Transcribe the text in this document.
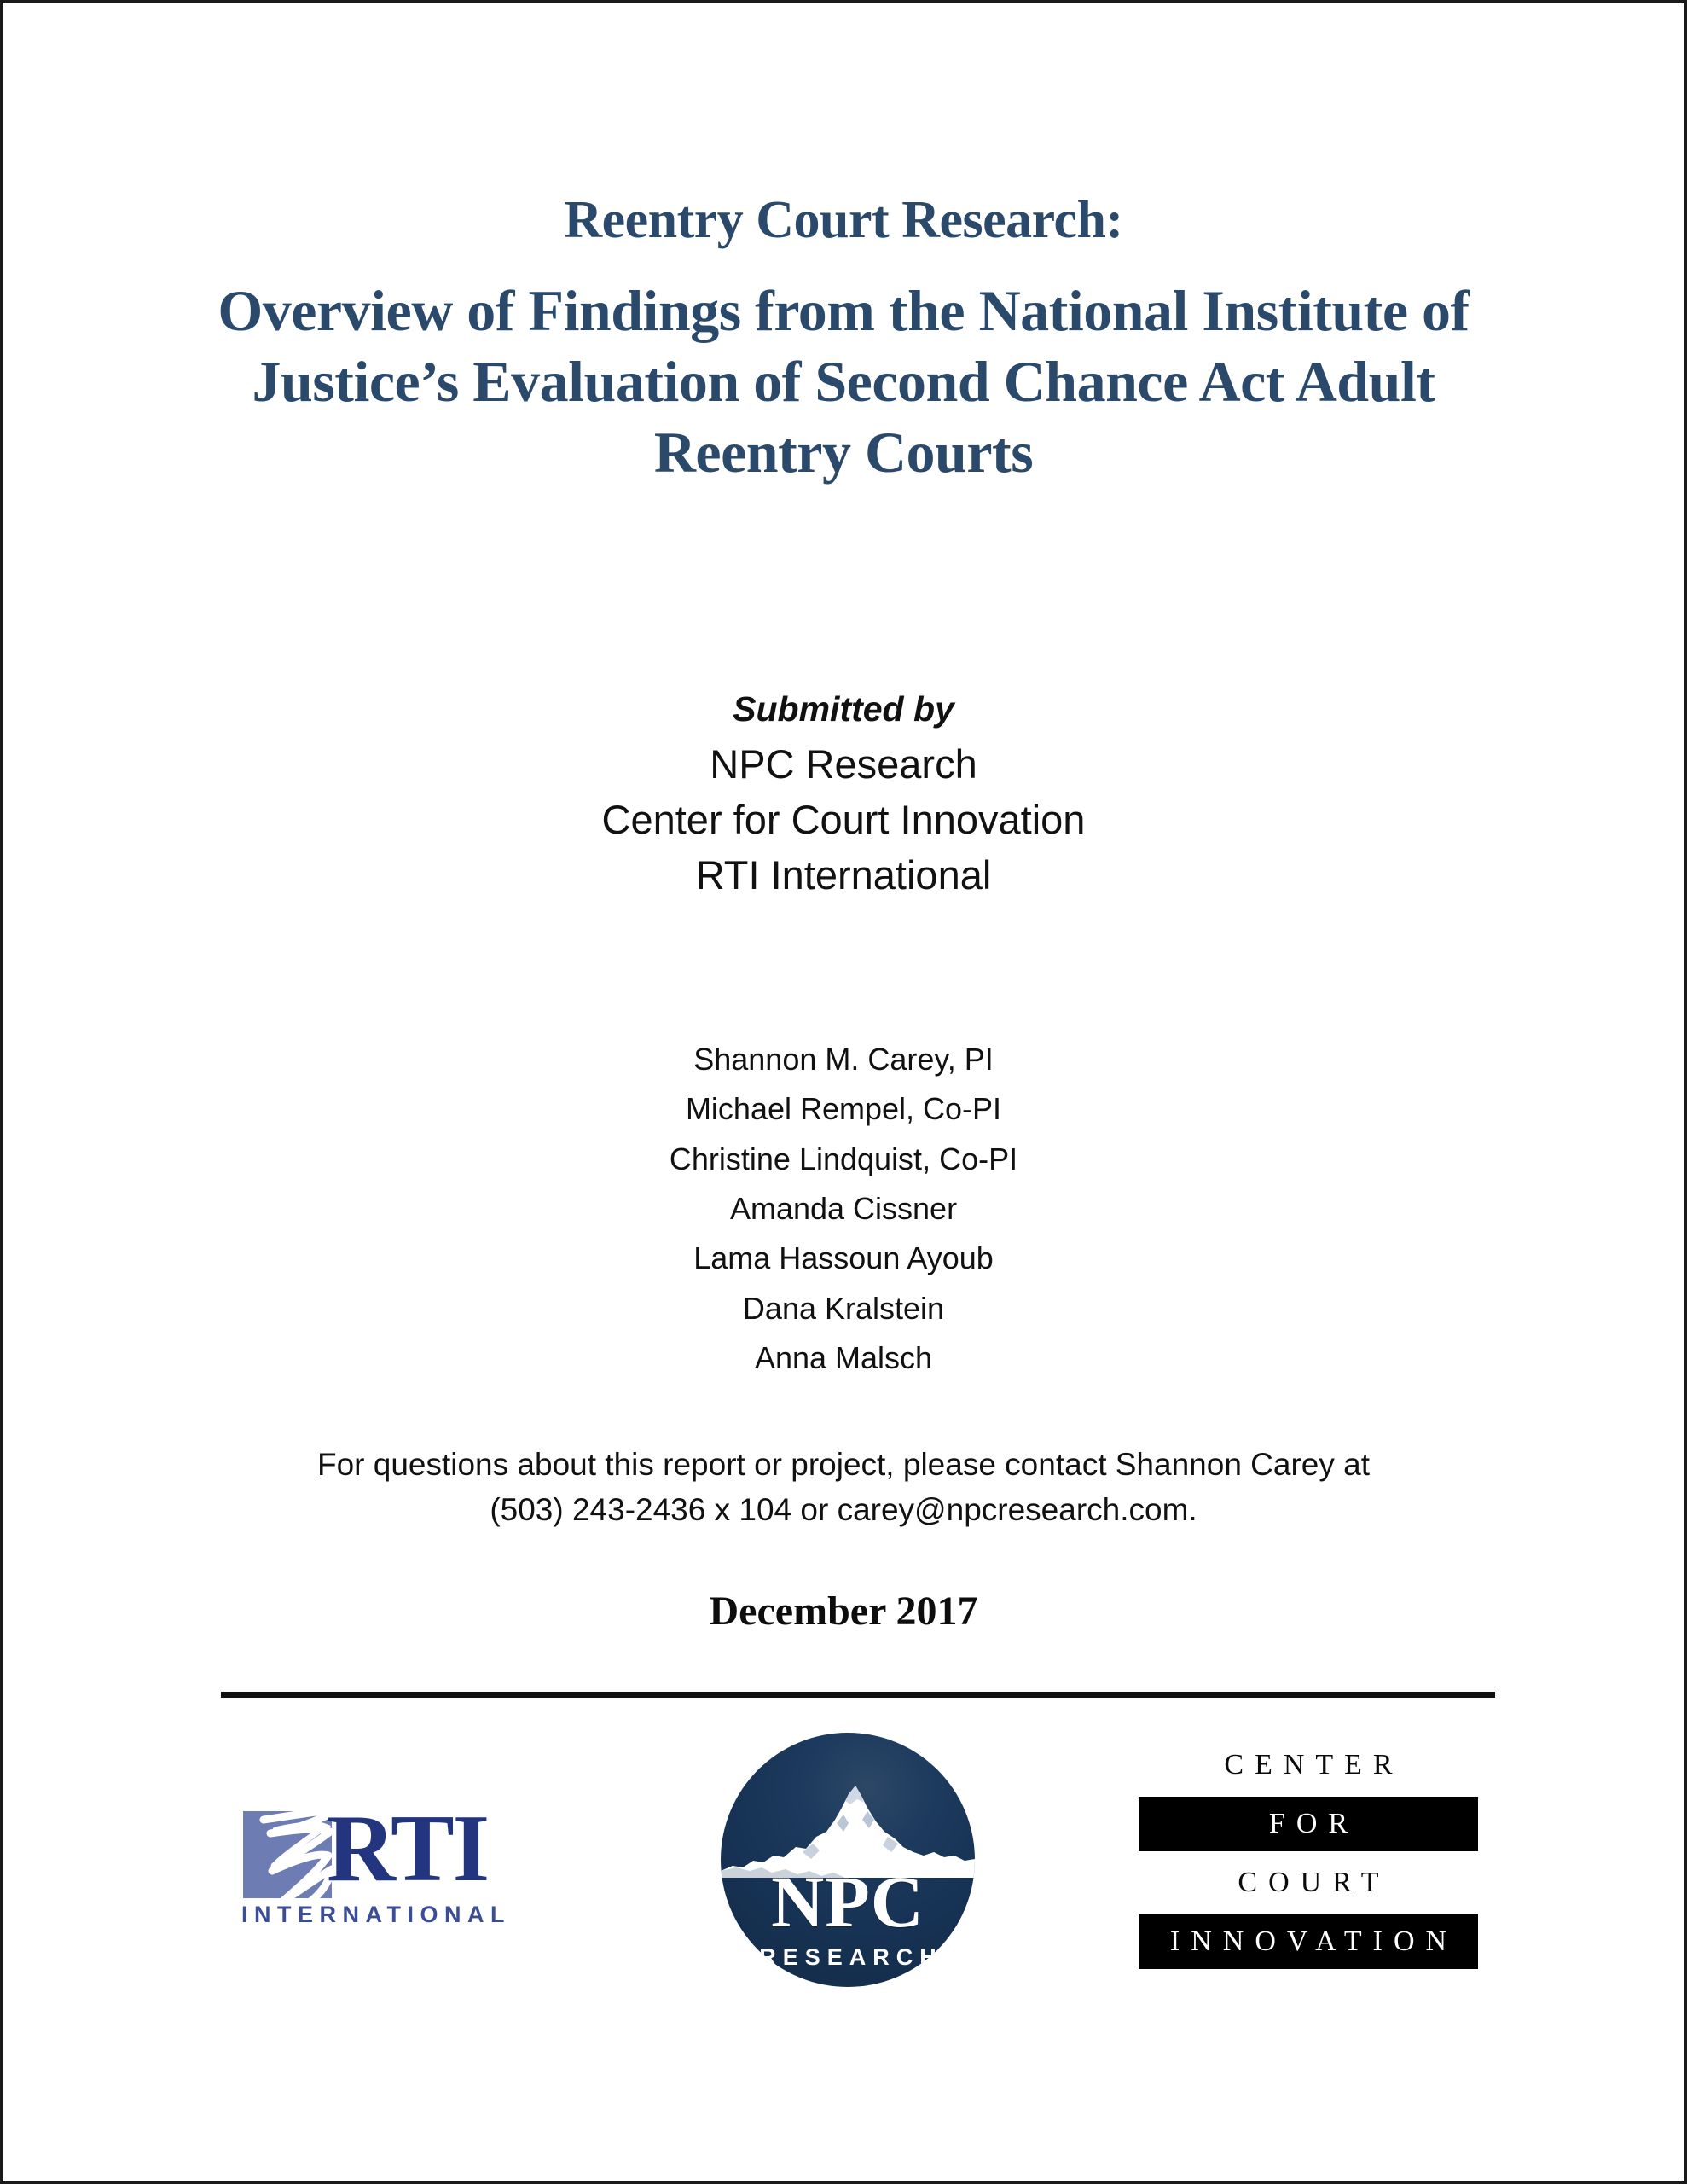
Reentry Court Research:
Overview of Findings from the National Institute of
Justice’s Evaluation of Second Chance Act Adult
Reentry Courts
Submitted by
NPC Research
Center for Court Innovation
RTI International
Shannon M. Carey, PI
Michael Rempel, Co-PI
Christine Lindquist, Co-PI
Amanda Cissner
Lama Hassoun Ayoub
Dana Kralstein
Anna Malsch
For questions about this report or project, please contact Shannon Carey at
(503) 243-2436 x 104 or carey@npcresearch.com.
December 2017
RTI
INTERNATIONAL	NPC
RESEARCH
CENTER
FOR
COURT
INNOVATION
